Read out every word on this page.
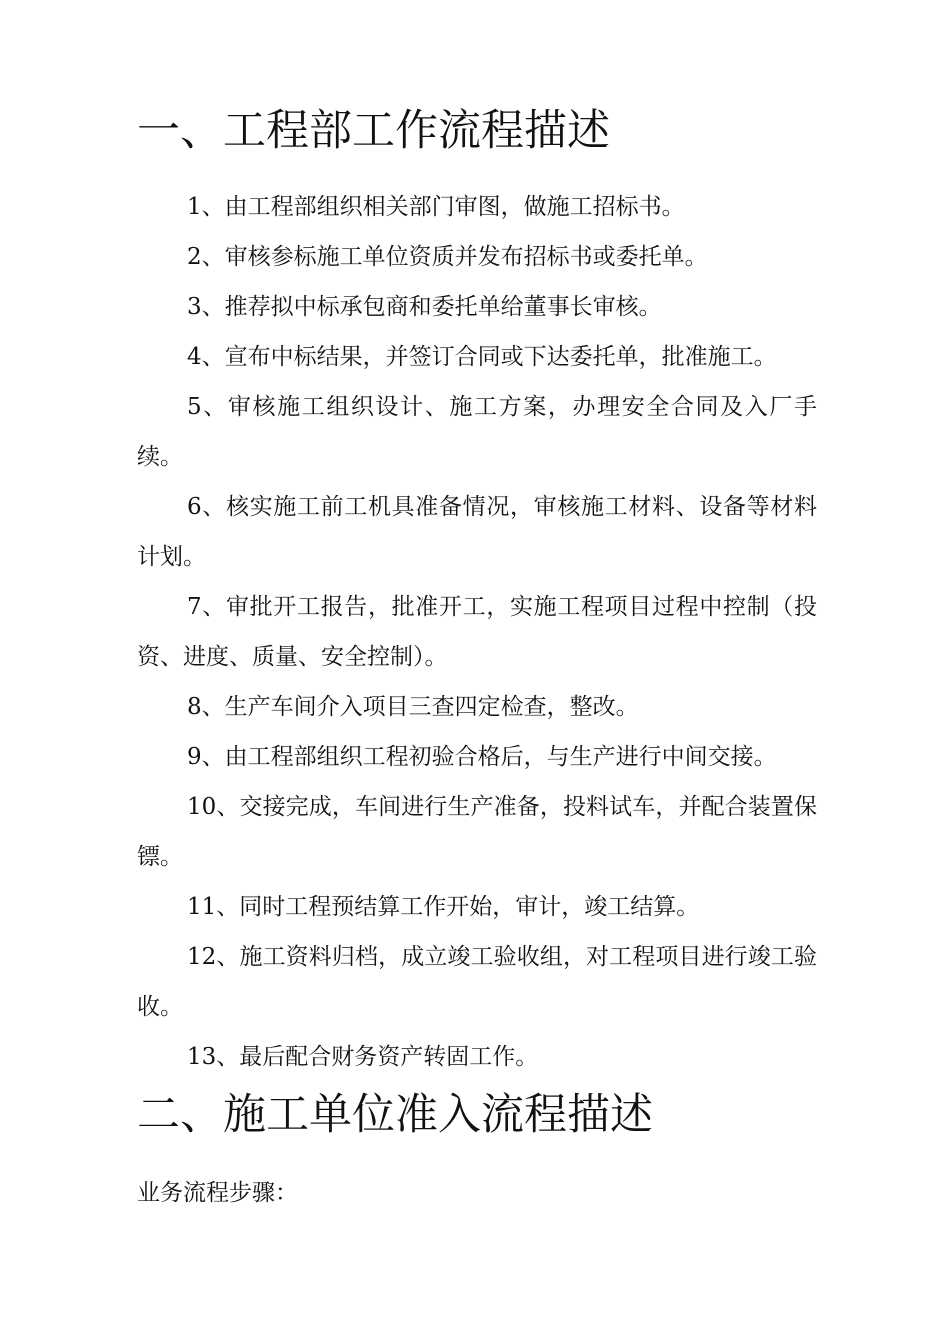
一、工程部工作流程描述

1、由工程部组织相关部门审图，做施工招标书。

2、审核参标施工单位资质并发布招标书或委托单。

3、推荐拟中标承包商和委托单给董事长审核。

4、宣布中标结果，并签订合同或下达委托单，批准施工。

5、审核施工组织设计、施工方案，办理安全合同及入厂手续。

6、核实施工前工机具准备情况，审核施工材料、设备等材料计划。

7、审批开工报告，批准开工，实施工程项目过程中控制（投资、进度、质量、安全控制）。

8、生产车间介入项目三查四定检查，整改。

9、由工程部组织工程初验合格后，与生产进行中间交接。

10、交接完成，车间进行生产准备，投料试车，并配合装置保镖。

11、同时工程预结算工作开始，审计，竣工结算。

12、施工资料归档，成立竣工验收组，对工程项目进行竣工验收。

13、最后配合财务资产转固工作。

二、施工单位准入流程描述

业务流程步骤：
